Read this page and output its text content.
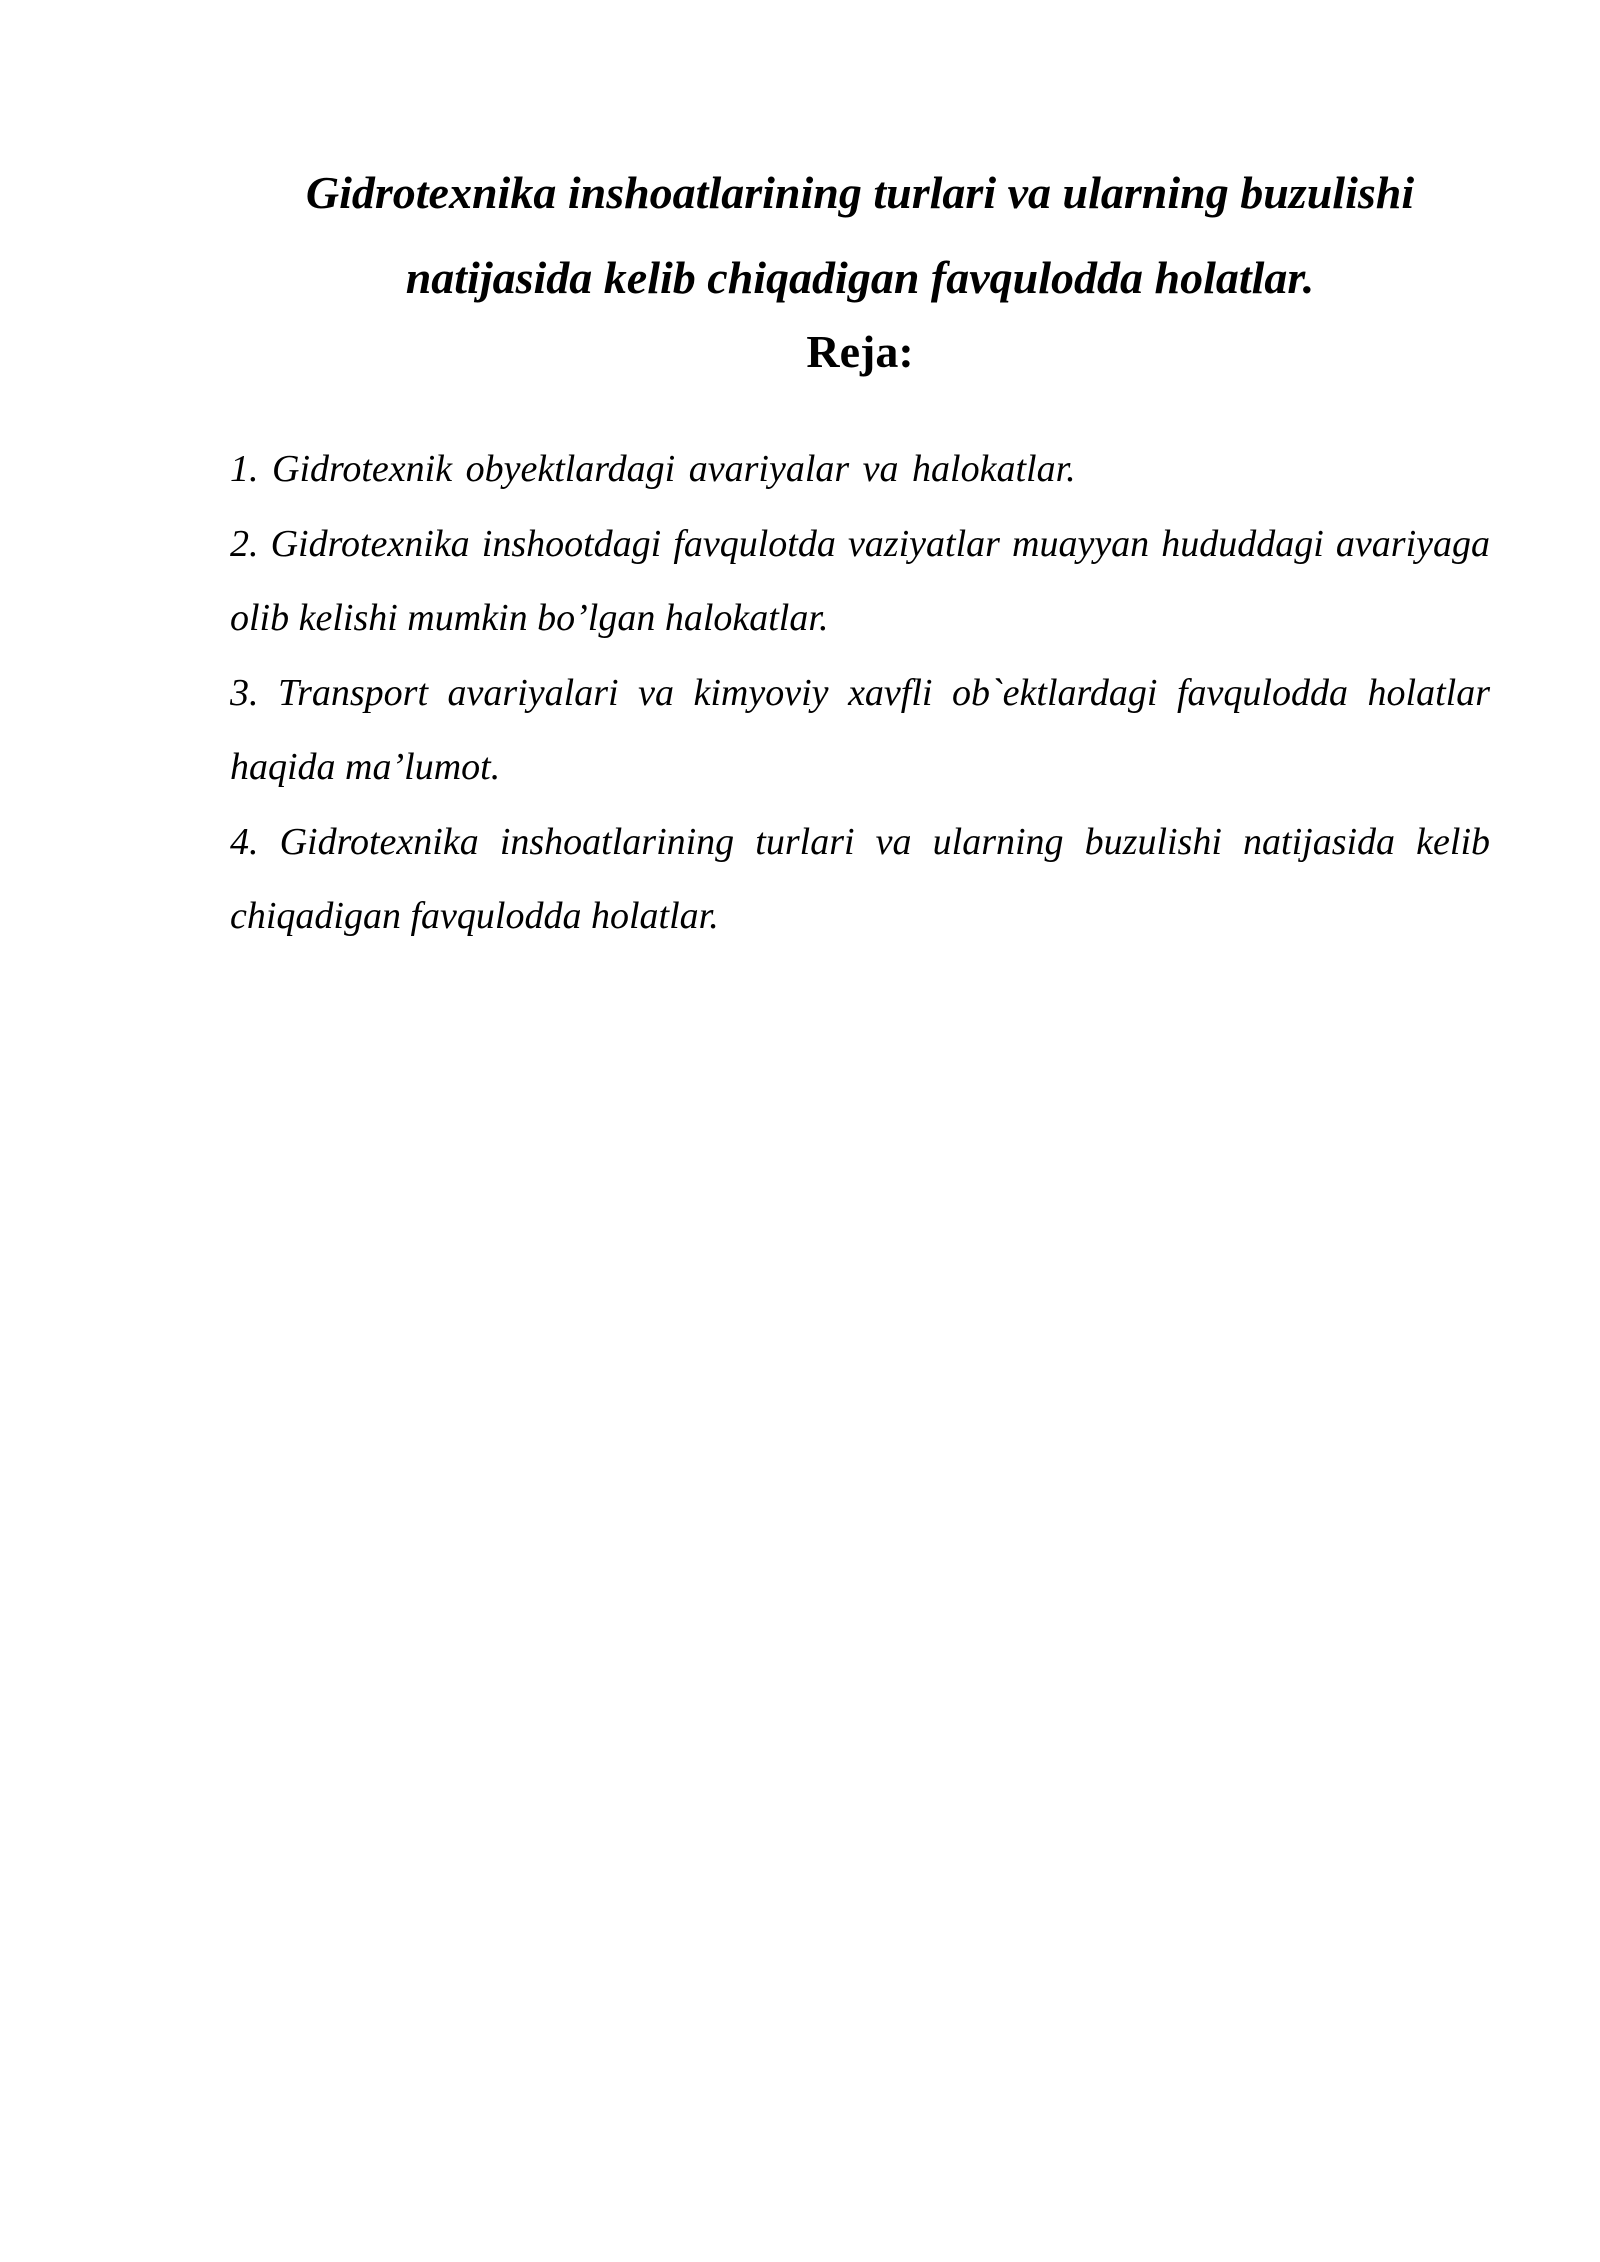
Gidrotexnika inshoatlarining turlari va ularning buzulishi natijasida kelib chiqadigan favqulodda holatlar.
Reja:
1. Gidrotexnik obyektlardagi avariyalar va halokatlar.
2. Gidrotexnika inshootdagi favqulotda vaziyatlar muayyan hududdagi avariyaga olib kelishi mumkin bo’lgan halokatlar.
3. Transport avariyalari va kimyoviy xavfli ob`ektlardagi favqulodda holatlar haqida ma’lumot.
4. Gidrotexnika inshoatlarining turlari va ularning buzulishi natijasida kelib chiqadigan favqulodda holatlar.
